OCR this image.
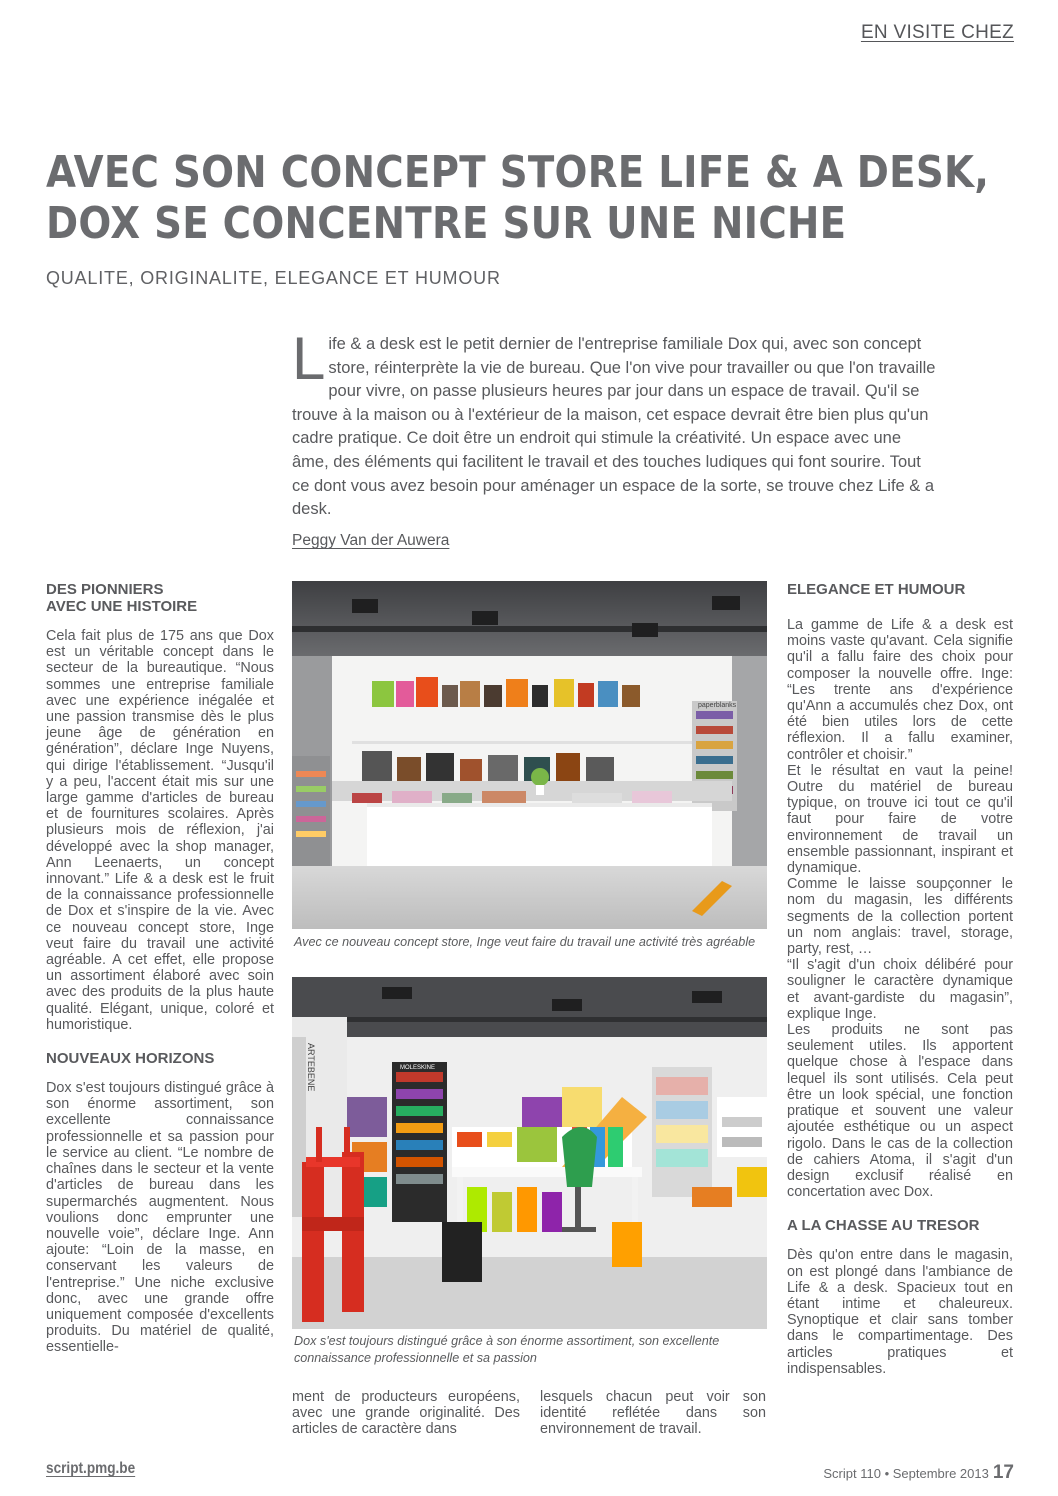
EN VISITE CHEZ
AVEC SON CONCEPT STORE LIFE & A DESK,
DOX SE CONCENTRE SUR UNE NICHE
QUALITE, ORIGINALITE, ELEGANCE ET HUMOUR
Life & a desk est le petit dernier de l'entreprise familiale Dox qui, avec son concept store, réinterprète la vie de bureau. Que l'on vive pour travailler ou que l'on travaille pour vivre, on passe plusieurs heures par jour dans un espace de travail. Qu'il se trouve à la maison ou à l'extérieur de la maison, cet espace devrait être bien plus qu'un cadre pratique. Ce doit être un endroit qui stimule la créativité. Un espace avec une âme, des éléments qui facilitent le travail et des touches ludiques qui font sourire. Tout ce dont vous avez besoin pour aménager un espace de la sorte, se trouve chez Life & a desk.
Peggy Van der Auwera
DES PIONNIERS
AVEC UNE HISTOIRE

Cela fait plus de 175 ans que Dox est un véritable concept dans le secteur de la bureautique. “Nous sommes une entreprise familiale avec une expérience inégalée et une passion transmise dès le plus jeune âge de génération en génération”, déclare Inge Nuyens, qui dirige l'établissement. “Jusqu'il y a peu, l'accent était mis sur une large gamme d'articles de bureau et de fournitures scolaires. Après plusieurs mois de réflexion, j'ai développé avec la shop manager, Ann Leenaerts, un concept innovant.” Life & a desk est le fruit de la connaissance professionnelle de Dox et s'inspire de la vie. Avec ce nouveau concept store, Inge veut faire du travail une activité agréable. A cet effet, elle propose un assortiment élaboré avec soin avec des produits de la plus haute qualité. Elégant, unique, coloré et humoristique.

NOUVEAUX HORIZONS

Dox s'est toujours distingué grâce à son énorme assortiment, son excellente connaissance professionnelle et sa passion pour le service au client. “Le nombre de chaînes dans le secteur et la vente d'articles de bureau dans les supermarchés augmentent. Nous voulions donc emprunter une nouvelle voie”, déclare Inge. Ann ajoute: “Loin de la masse, en conservant les valeurs de l'entreprise.” Une niche exclusive donc, avec une grande offre uniquement composée d'excellents produits. Du matériel de qualité, essentielle-

paperblanks
Avec ce nouveau concept store, Inge veut faire du travail une activité très agréable
ARTEBENE	MOLESKINE
Dox s'est toujours distingué grâce à son énorme assortiment, son excellente connaissance professionnelle et sa passion

ment de producteurs européens, avec une grande originalité. Des articles de caractère dans

lesquels chacun peut voir son identité reflétée dans son environnement de travail.

ELEGANCE ET HUMOUR

La gamme de Life & a desk est moins vaste qu'avant. Cela signifie qu'il a fallu faire des choix pour composer la nouvelle offre. Inge: “Les trente ans d'expérience qu'Ann a accumulés chez Dox, ont été bien utiles lors de cette réflexion. Il a fallu examiner, contrôler et choisir.”

Et le résultat en vaut la peine! Outre du matériel de bureau typique, on trouve ici tout ce qu'il faut pour faire de votre environnement de travail un ensemble passionnant, inspirant et dynamique.

Comme le laisse soupçonner le nom du magasin, les différents segments de la collection portent un nom anglais: travel, storage, party, rest, …

“Il s'agit d'un choix délibéré pour souligner le caractère dynamique et avant-gardiste du magasin”, explique Inge.

Les produits ne sont pas seulement utiles. Ils apportent quelque chose à l'espace dans lequel ils sont utilisés. Cela peut être un look spécial, une fonction pratique et souvent une valeur ajoutée esthétique ou un aspect rigolo. Dans le cas de la collection de cahiers Atoma, il s'agit d'un design exclusif réalisé en concertation avec Dox.

A LA CHASSE AU TRESOR

Dès qu'on entre dans le magasin, on est plongé dans l'ambiance de Life & a desk. Spacieux tout en étant intime et chaleureux. Synoptique et clair sans tomber dans le compartimentage. Des articles pratiques et indispensables.

script.pmg.be	Script 110 • Septembre 2013 17
